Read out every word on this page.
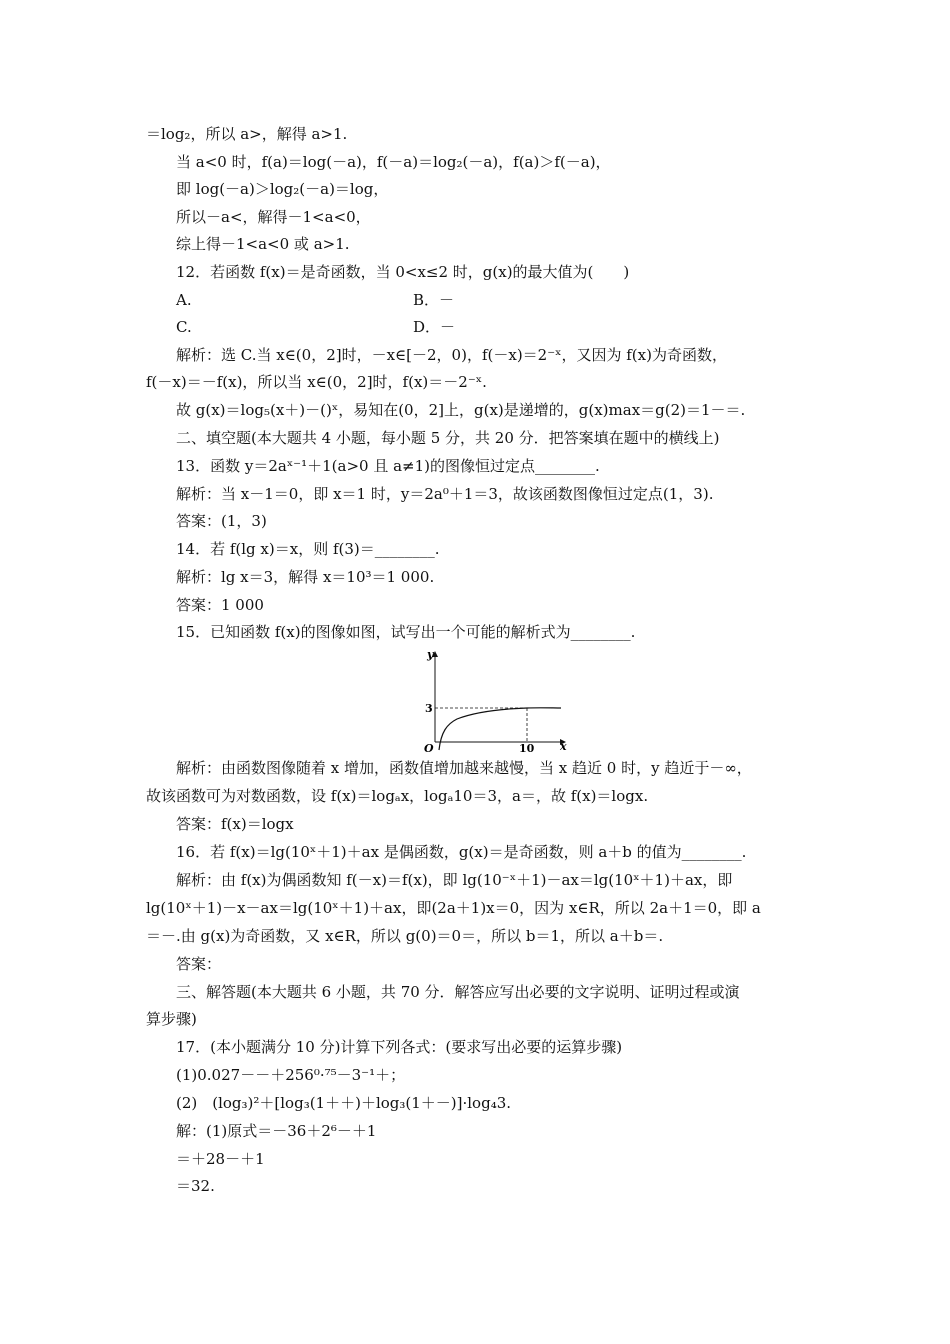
＝log₂，所以 a>，解得 a>1.
当 a<0 时，f(a)＝log(－a)，f(－a)＝log₂(－a)，f(a)＞f(－a)，
即 log(－a)＞log₂(－a)＝log，
所以－a<，解得－1<a<0，
综上得－1<a<0 或 a>1.
12．若函数 f(x)＝是奇函数，当 0<x≤2 时，g(x)的最大值为(　　)
A.	B．－
C.	D．－
解析：选 C.当 x∈(0，2]时，－x∈[－2，0)，f(－x)＝2⁻ˣ，又因为 f(x)为奇函数，
f(－x)＝－f(x)，所以当 x∈(0，2]时，f(x)＝－2⁻ˣ.
故 g(x)＝log₅(x＋)－()ˣ，易知在(0，2]上，g(x)是递增的，g(x)max＝g(2)＝1－＝.
二、填空题(本大题共 4 小题，每小题 5 分，共 20 分．把答案填在题中的横线上)
13．函数 y＝2aˣ⁻¹＋1(a>0 且 a≠1)的图像恒过定点________.
解析：当 x－1＝0，即 x＝1 时，y＝2a⁰＋1＝3，故该函数图像恒过定点(1，3).
答案：(1，3)
14．若 f(lg x)＝x，则 f(3)＝________.
解析：lg x＝3，解得 x＝10³＝1 000.
答案：1 000
15．已知函数 f(x)的图像如图，试写出一个可能的解析式为________.
y
x
O
3
10
解析：由函数图像随着 x 增加，函数值增加越来越慢，当 x 趋近 0 时，y 趋近于－∞，
故该函数可为对数函数，设 f(x)＝logₐx，logₐ10＝3，a＝，故 f(x)＝logx.
答案：f(x)＝logx
16．若 f(x)＝lg(10ˣ＋1)＋ax 是偶函数，g(x)＝是奇函数，则 a＋b 的值为________.
解析：由 f(x)为偶函数知 f(－x)＝f(x)，即 lg(10⁻ˣ＋1)－ax＝lg(10ˣ＋1)＋ax，即
lg(10ˣ＋1)－x－ax＝lg(10ˣ＋1)＋ax，即(2a＋1)x＝0，因为 x∈R，所以 2a＋1＝0，即 a
＝－.由 g(x)为奇函数，又 x∈R，所以 g(0)＝0＝，所以 b＝1，所以 a＋b＝.
答案：
三、解答题(本大题共 6 小题，共 70 分．解答应写出必要的文字说明、证明过程或演
算步骤)
17．(本小题满分 10 分)计算下列各式：(要求写出必要的运算步骤)
(1)0.027－－＋256⁰·⁷⁵－3⁻¹＋；
(2)　(log₃)²＋[log₃(1＋＋)＋log₃(1＋－)]·log₄3.
解：(1)原式＝－36＋2⁶－＋1
＝＋28－＋1
＝32.
